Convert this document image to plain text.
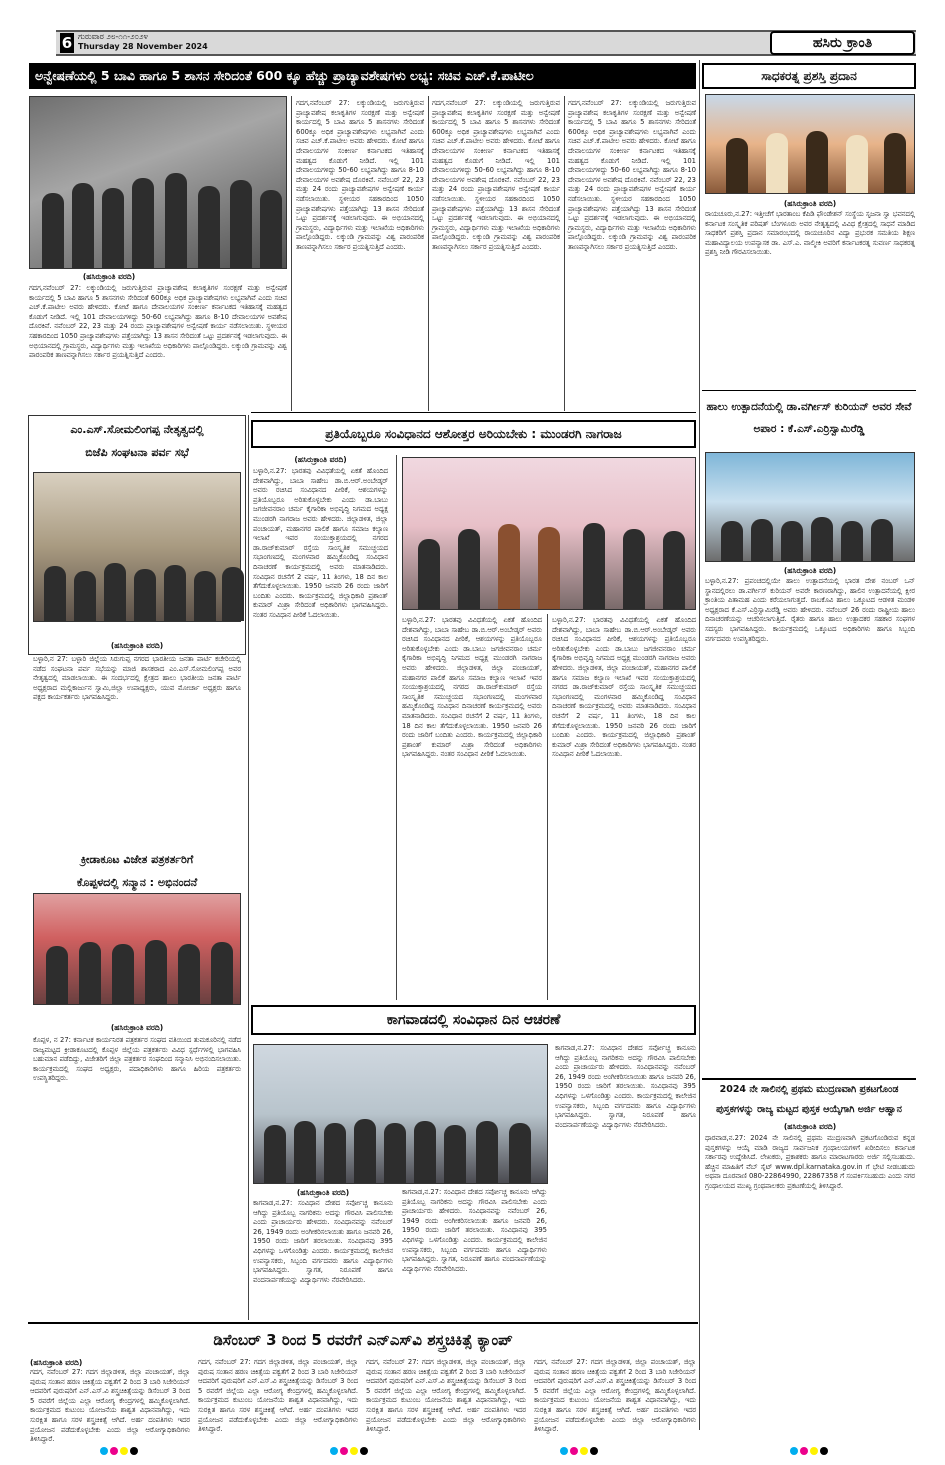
6 ಗುರುವಾರ ೨೮-೧೧-೨೦೨೪
Thursday 28 November 2024	ಹಸಿರು ಕ್ರಾಂತಿ
ಅನ್ವೇಷಣೆಯಲ್ಲಿ 5 ಬಾವಿ ಹಾಗೂ 5 ಶಾಸನ ಸೇರಿದಂತೆ 600 ಕ್ಕೂ ಹೆಚ್ಚು ಪ್ರಾಚ್ಯಾವಶೇಷಗಳು ಲಭ್ಯ: ಸಚಿವ ಎಚ್.ಕೆ.ಪಾಟೀಲ
(ಹಸಿರುಕ್ರಾಂತಿ ವರದಿ)
ಗದಗ,ನವೆಂಬರ್ 27: ಲಕ್ಕುಂಡಿಯಲ್ಲಿ ಜರುಗುತ್ತಿರುವ ಪ್ರಾಚ್ಯಾವಶೇಷ ಕಲಾಕೃತಿಗಳ ಸಂರಕ್ಷಣೆ ಮತ್ತು ಅನ್ವೇಷಣೆ ಕಾರ್ಯದಲ್ಲಿ 5 ಬಾವಿ ಹಾಗೂ 5 ಶಾಸನಗಳು ಸೇರಿದಂತೆ 600ಕ್ಕೂ ಅಧಿಕ ಪ್ರಾಚ್ಯಾವಶೇಷಗಳು ಲಭ್ಯವಾಗಿವೆ ಎಂದು ಸಚಿವ ಎಚ್.ಕೆ.ಪಾಟೀಲ ಅವರು ಹೇಳಿದರು. ಕೋಟೆ ಹಾಗೂ ದೇವಾಲಯಗಳ ಸಂಕೀರ್ಣ ಕರ್ನಾಟಕದ ಇತಿಹಾಸಕ್ಕೆ ಮಹತ್ವದ ಕೊಡುಗೆ ನೀಡಿದೆ. ಇಲ್ಲಿ 101 ದೇವಾಲಯಗಳಿದ್ದು 50-60 ಲಭ್ಯವಾಗಿದ್ದು ಹಾಗೂ 8-10 ದೇವಾಲಯಗಳ ಅವಶೇಷ ದೊರಕಿವೆ. ನವೆಂಬರ್ 22, 23 ಮತ್ತು 24 ರಂದು ಪ್ರಾಚ್ಯಾವಶೇಷಗಳ ಅನ್ವೇಷಣೆ ಕಾರ್ಯ ನಡೆಸಲಾಯಿತು. ಸ್ಥಳೀಯರ ಸಹಕಾರದಿಂದ 1050 ಪ್ರಾಚ್ಯಾವಶೇಷಗಳು ಪತ್ತೆಯಾಗಿದ್ದು 13 ಶಾಸನ ಸೇರಿದಂತೆ ಒಟ್ಟು ಪ್ರದರ್ಶನಕ್ಕೆ ಇಡಲಾಗುವುದು. ಈ ಅಭಿಯಾನದಲ್ಲಿ ಗ್ರಾಮಸ್ಥರು, ವಿದ್ಯಾರ್ಥಿಗಳು ಮತ್ತು ಇಲಾಖೆಯ ಅಧಿಕಾರಿಗಳು ಪಾಲ್ಗೊಂಡಿದ್ದರು. ಲಕ್ಕುಂಡಿ ಗ್ರಾಮವನ್ನು ವಿಶ್ವ ಪಾರಂಪರಿಕ ತಾಣವನ್ನಾಗಿಸಲು ಸರ್ಕಾರ ಪ್ರಯತ್ನಿಸುತ್ತಿದೆ ಎಂದರು.
ಗದಗ,ನವೆಂಬರ್ 27: ಲಕ್ಕುಂಡಿಯಲ್ಲಿ ಜರುಗುತ್ತಿರುವ ಪ್ರಾಚ್ಯಾವಶೇಷ ಕಲಾಕೃತಿಗಳ ಸಂರಕ್ಷಣೆ ಮತ್ತು ಅನ್ವೇಷಣೆ ಕಾರ್ಯದಲ್ಲಿ 5 ಬಾವಿ ಹಾಗೂ 5 ಶಾಸನಗಳು ಸೇರಿದಂತೆ 600ಕ್ಕೂ ಅಧಿಕ ಪ್ರಾಚ್ಯಾವಶೇಷಗಳು ಲಭ್ಯವಾಗಿವೆ ಎಂದು ಸಚಿವ ಎಚ್.ಕೆ.ಪಾಟೀಲ ಅವರು ಹೇಳಿದರು. ಕೋಟೆ ಹಾಗೂ ದೇವಾಲಯಗಳ ಸಂಕೀರ್ಣ ಕರ್ನಾಟಕದ ಇತಿಹಾಸಕ್ಕೆ ಮಹತ್ವದ ಕೊಡುಗೆ ನೀಡಿದೆ. ಇಲ್ಲಿ 101 ದೇವಾಲಯಗಳಿದ್ದು 50-60 ಲಭ್ಯವಾಗಿದ್ದು ಹಾಗೂ 8-10 ದೇವಾಲಯಗಳ ಅವಶೇಷ ದೊರಕಿವೆ. ನವೆಂಬರ್ 22, 23 ಮತ್ತು 24 ರಂದು ಪ್ರಾಚ್ಯಾವಶೇಷಗಳ ಅನ್ವೇಷಣೆ ಕಾರ್ಯ ನಡೆಸಲಾಯಿತು. ಸ್ಥಳೀಯರ ಸಹಕಾರದಿಂದ 1050 ಪ್ರಾಚ್ಯಾವಶೇಷಗಳು ಪತ್ತೆಯಾಗಿದ್ದು 13 ಶಾಸನ ಸೇರಿದಂತೆ ಒಟ್ಟು ಪ್ರದರ್ಶನಕ್ಕೆ ಇಡಲಾಗುವುದು. ಈ ಅಭಿಯಾನದಲ್ಲಿ ಗ್ರಾಮಸ್ಥರು, ವಿದ್ಯಾರ್ಥಿಗಳು ಮತ್ತು ಇಲಾಖೆಯ ಅಧಿಕಾರಿಗಳು ಪಾಲ್ಗೊಂಡಿದ್ದರು. ಲಕ್ಕುಂಡಿ ಗ್ರಾಮವನ್ನು ವಿಶ್ವ ಪಾರಂಪರಿಕ ತಾಣವನ್ನಾಗಿಸಲು ಸರ್ಕಾರ ಪ್ರಯತ್ನಿಸುತ್ತಿದೆ ಎಂದರು.
ಗದಗ,ನವೆಂಬರ್ 27: ಲಕ್ಕುಂಡಿಯಲ್ಲಿ ಜರುಗುತ್ತಿರುವ ಪ್ರಾಚ್ಯಾವಶೇಷ ಕಲಾಕೃತಿಗಳ ಸಂರಕ್ಷಣೆ ಮತ್ತು ಅನ್ವೇಷಣೆ ಕಾರ್ಯದಲ್ಲಿ 5 ಬಾವಿ ಹಾಗೂ 5 ಶಾಸನಗಳು ಸೇರಿದಂತೆ 600ಕ್ಕೂ ಅಧಿಕ ಪ್ರಾಚ್ಯಾವಶೇಷಗಳು ಲಭ್ಯವಾಗಿವೆ ಎಂದು ಸಚಿವ ಎಚ್.ಕೆ.ಪಾಟೀಲ ಅವರು ಹೇಳಿದರು. ಕೋಟೆ ಹಾಗೂ ದೇವಾಲಯಗಳ ಸಂಕೀರ್ಣ ಕರ್ನಾಟಕದ ಇತಿಹಾಸಕ್ಕೆ ಮಹತ್ವದ ಕೊಡುಗೆ ನೀಡಿದೆ. ಇಲ್ಲಿ 101 ದೇವಾಲಯಗಳಿದ್ದು 50-60 ಲಭ್ಯವಾಗಿದ್ದು ಹಾಗೂ 8-10 ದೇವಾಲಯಗಳ ಅವಶೇಷ ದೊರಕಿವೆ. ನವೆಂಬರ್ 22, 23 ಮತ್ತು 24 ರಂದು ಪ್ರಾಚ್ಯಾವಶೇಷಗಳ ಅನ್ವೇಷಣೆ ಕಾರ್ಯ ನಡೆಸಲಾಯಿತು. ಸ್ಥಳೀಯರ ಸಹಕಾರದಿಂದ 1050 ಪ್ರಾಚ್ಯಾವಶೇಷಗಳು ಪತ್ತೆಯಾಗಿದ್ದು 13 ಶಾಸನ ಸೇರಿದಂತೆ ಒಟ್ಟು ಪ್ರದರ್ಶನಕ್ಕೆ ಇಡಲಾಗುವುದು. ಈ ಅಭಿಯಾನದಲ್ಲಿ ಗ್ರಾಮಸ್ಥರು, ವಿದ್ಯಾರ್ಥಿಗಳು ಮತ್ತು ಇಲಾಖೆಯ ಅಧಿಕಾರಿಗಳು ಪಾಲ್ಗೊಂಡಿದ್ದರು. ಲಕ್ಕುಂಡಿ ಗ್ರಾಮವನ್ನು ವಿಶ್ವ ಪಾರಂಪರಿಕ ತಾಣವನ್ನಾಗಿಸಲು ಸರ್ಕಾರ ಪ್ರಯತ್ನಿಸುತ್ತಿದೆ ಎಂದರು.
ಗದಗ,ನವೆಂಬರ್ 27: ಲಕ್ಕುಂಡಿಯಲ್ಲಿ ಜರುಗುತ್ತಿರುವ ಪ್ರಾಚ್ಯಾವಶೇಷ ಕಲಾಕೃತಿಗಳ ಸಂರಕ್ಷಣೆ ಮತ್ತು ಅನ್ವೇಷಣೆ ಕಾರ್ಯದಲ್ಲಿ 5 ಬಾವಿ ಹಾಗೂ 5 ಶಾಸನಗಳು ಸೇರಿದಂತೆ 600ಕ್ಕೂ ಅಧಿಕ ಪ್ರಾಚ್ಯಾವಶೇಷಗಳು ಲಭ್ಯವಾಗಿವೆ ಎಂದು ಸಚಿವ ಎಚ್.ಕೆ.ಪಾಟೀಲ ಅವರು ಹೇಳಿದರು. ಕೋಟೆ ಹಾಗೂ ದೇವಾಲಯಗಳ ಸಂಕೀರ್ಣ ಕರ್ನಾಟಕದ ಇತಿಹಾಸಕ್ಕೆ ಮಹತ್ವದ ಕೊಡುಗೆ ನೀಡಿದೆ. ಇಲ್ಲಿ 101 ದೇವಾಲಯಗಳಿದ್ದು 50-60 ಲಭ್ಯವಾಗಿದ್ದು ಹಾಗೂ 8-10 ದೇವಾಲಯಗಳ ಅವಶೇಷ ದೊರಕಿವೆ. ನವೆಂಬರ್ 22, 23 ಮತ್ತು 24 ರಂದು ಪ್ರಾಚ್ಯಾವಶೇಷಗಳ ಅನ್ವೇಷಣೆ ಕಾರ್ಯ ನಡೆಸಲಾಯಿತು. ಸ್ಥಳೀಯರ ಸಹಕಾರದಿಂದ 1050 ಪ್ರಾಚ್ಯಾವಶೇಷಗಳು ಪತ್ತೆಯಾಗಿದ್ದು 13 ಶಾಸನ ಸೇರಿದಂತೆ ಒಟ್ಟು ಪ್ರದರ್ಶನಕ್ಕೆ ಇಡಲಾಗುವುದು. ಈ ಅಭಿಯಾನದಲ್ಲಿ ಗ್ರಾಮಸ್ಥರು, ವಿದ್ಯಾರ್ಥಿಗಳು ಮತ್ತು ಇಲಾಖೆಯ ಅಧಿಕಾರಿಗಳು ಪಾಲ್ಗೊಂಡಿದ್ದರು. ಲಕ್ಕುಂಡಿ ಗ್ರಾಮವನ್ನು ವಿಶ್ವ ಪಾರಂಪರಿಕ ತಾಣವನ್ನಾಗಿಸಲು ಸರ್ಕಾರ ಪ್ರಯತ್ನಿಸುತ್ತಿದೆ ಎಂದರು.
ಸಾಧಕರತ್ನ ಪ್ರಶಸ್ತಿ ಪ್ರದಾನ
(ಹಸಿರುಕ್ರಾಂತಿ ವರದಿ)
ರಾಯಚೂರು,ನ.27: ಇತ್ತೀಚೆಗೆ ಭಾರತಾಂಬ ಕೆಪಿಡಿ ಫೌಂಡೇಶನ್ ಸಂಸ್ಥೆಯ ಸೃಜನಾ ಸ್ವಾ ಭವನದಲ್ಲಿ ಕರ್ನಾಟಕ ಸಂಸ್ಕೃತಿಕ ಪರಿಷತ್ ಬೆಂಗಳೂರು ಅವರ ನೇತೃತ್ವದಲ್ಲಿ ವಿವಿಧ ಕ್ಷೇತ್ರದಲ್ಲಿ ಸಾಧನೆ ಮಾಡಿದ ಸಾಧಕರಿಗೆ ಪ್ರಶಸ್ತಿ ಪ್ರದಾನ ಸಮಾರಂಭದಲ್ಲಿ ರಾಯಚೂರಿನ ವಿದ್ಯಾ ಪ್ರಭುರಕ ಸಮತಿಯ ಶಿಕ್ಷಣ ಮಹಾವಿದ್ಯಾಲಯ ಉಪನ್ಯಾಸಕ ಡಾ. ಎಸ್.ಎ. ವಾಲ್ಮೀಕಿ ಅವರಿಗೆ ಕರ್ನಾಟಕರತ್ನ ಸುವರ್ಣ ಸಾಧಕರತ್ನ ಪ್ರಶಸ್ತಿ ನೀಡಿ ಗೌರವಿಸಲಾಯಿತು.
ಹಾಲು ಉತ್ಪಾದನೆಯಲ್ಲಿ ಡಾ.ವರ್ಗೀಸ್ ಕುರಿಯನ್ ಅವರ ಸೇವೆ ಅಪಾರ : ಕೆ.ಎಸ್.ಎರ್ರಿಸ್ವಾಮಿರೆಡ್ಡಿ
(ಹಸಿರುಕ್ರಾಂತಿ ವರದಿ)
ಬಳ್ಳಾರಿ,ನ.27: ಪ್ರಪಂಚದಲ್ಲಿಯೇ ಹಾಲು ಉತ್ಪಾದನೆಯಲ್ಲಿ ಭಾರತ ದೇಶ ನಂಬರ್ ಒನ್ ಸ್ಥಾನದಲ್ಲಿರಲು ಡಾ.ವರ್ಗೀಸ್ ಕುರಿಯನ್ ಅವರೇ ಕಾರಣರಾಗಿದ್ದು, ಹಾಲಿನ ಉತ್ಪಾದನೆಯಲ್ಲಿ ಕ್ಷೀರ ಕ್ರಾಂತಿಯ ಪಿತಾಮಹ ಎಂದು ಕರೆಯಲಾಗುತ್ತದೆ. ರಾಬಕೊವಿ ಹಾಲು ಒಕ್ಕೂಟದ ಆಡಳಿತ ಮಂಡಳಿ ಅಧ್ಯಕ್ಷರಾದ ಕೆ.ಎಸ್.ಎರ್ರಿಸ್ವಾಮಿರೆಡ್ಡಿ ಅವರು ಹೇಳಿದರು. ನವೆಂಬರ್ 26 ರಂದು ರಾಷ್ಟ್ರೀಯ ಹಾಲು ದಿನಾಚರಣೆಯನ್ನು ಆಚರಿಸಲಾಗುತ್ತಿದೆ. ರೈತರು ಹಾಗೂ ಹಾಲು ಉತ್ಪಾದಕರ ಸಹಕಾರ ಸಂಘಗಳ ಸದಸ್ಯರು ಭಾಗವಹಿಸಿದ್ದರು. ಕಾರ್ಯಕ್ರಮದಲ್ಲಿ ಒಕ್ಕೂಟದ ಅಧಿಕಾರಿಗಳು ಹಾಗೂ ಸಿಬ್ಬಂದಿ ವರ್ಗದವರು ಉಪಸ್ಥಿತರಿದ್ದರು.
2024 ನೇ ಸಾಲಿನಲ್ಲಿ ಪ್ರಥಮ ಮುದ್ರಣವಾಗಿ ಪ್ರಕಟಗೊಂಡ
ಪುಸ್ತಕಗಳನ್ನು ರಾಜ್ಯ ಮಟ್ಟದ ಪುಸ್ತಕ ಆಯ್ಕೆಗಾಗಿ ಅರ್ಜಿ ಆಹ್ವಾನ
(ಹಸಿರುಕ್ರಾಂತಿ ವರದಿ)
ಧಾರವಾಡ,ನ.27: 2024 ನೇ ಸಾಲಿನಲ್ಲಿ ಪ್ರಥಮ ಮುದ್ರಣವಾಗಿ ಪ್ರಕಟಗೊಂಡಿರುವ ಕನ್ನಡ ಪುಸ್ತಕಗಳನ್ನು ಆಯ್ಕೆ ಮಾಡಿ ರಾಜ್ಯದ ಸಾರ್ವಜನಿಕ ಗ್ರಂಥಾಲಯಗಳಿಗೆ ಖರೀದಿಸಲು ಕರ್ನಾಟಕ ಸರ್ಕಾರವು ಉದ್ದೇಶಿಸಿದೆ. ಲೇಖಕರು, ಪ್ರಕಾಶಕರು ಹಾಗೂ ಮಾರಾಟಗಾರರು ಅರ್ಜಿ ಸಲ್ಲಿಸಬಹುದು. ಹೆಚ್ಚಿನ ಮಾಹಿತಿಗೆ ವೆಬ್ ಸೈಟ್ www.dpl.karnataka.gov.in ಗೆ ಭೇಟಿ ನೀಡಬಹುದು ಅಥವಾ ದೂರವಾಣಿ 080-22864990, 22867358 ಗೆ ಸಂಪರ್ಕಿಸಬಹುದು ಎಂದು ನಗರ ಗ್ರಂಥಾಲಯದ ಮುಖ್ಯ ಗ್ರಂಥಪಾಲಕರು ಪ್ರಕಟಣೆಯಲ್ಲಿ ತಿಳಿಸಿದ್ದಾರೆ.
ಎಂ.ಎಸ್.ಸೋಮಲಿಂಗಪ್ಪ ನೇತೃತ್ವದಲ್ಲಿ
ಬಿಜೆಪಿ ಸಂಘಟನಾ ಪರ್ವ ಸಭೆ
(ಹಸಿರುಕ್ರಾಂತಿ ವರದಿ)
ಬಳ್ಳಾರಿ,ನ 27: ಬಳ್ಳಾರಿ ಜಿಲ್ಲೆಯ ಸಿರುಗುಪ್ಪ ನಗರದ ಭಾರತೀಯ ಜನತಾ ಪಾರ್ಟಿ ಕಚೇರಿಯಲ್ಲಿ ನಡೆದ ಸಂಘಟನಾ ಪರ್ವ ಸಭೆಯನ್ನು ಮಾಜಿ ಶಾಸಕರಾದ ಎಂ.ಎಸ್.ಸೋಮಲಿಂಗಪ್ಪ ಅವರ ನೇತೃತ್ವದಲ್ಲಿ ಮಾಡಲಾಯಿತು. ಈ ಸಂದರ್ಭದಲ್ಲಿ ಕ್ಷೇತ್ರದ ಹಾಲು ಭಾರತೀಯ ಜನತಾ ಪಾರ್ಟಿ ಅಧ್ಯಕ್ಷರಾದ ಮಲ್ಲಿಕಾರ್ಜುನ ಸ್ವಾಮಿ,ಜಿಲ್ಲಾ ಉಪಾಧ್ಯಕ್ಷರು, ಯುವ ಮೋರ್ಚಾ ಅಧ್ಯಕ್ಷರು ಹಾಗೂ ಪಕ್ಷದ ಕಾರ್ಯಕರ್ತರು ಭಾಗವಹಿಸಿದ್ದರು.
ಕ್ರೀಡಾಕೂಟ ವಿಜೇತ ಪತ್ರಕರ್ತರಿಗೆ
ಕೊಪ್ಪಳದಲ್ಲಿ ಸನ್ಮಾನ : ಅಭಿನಂದನೆ
(ಹಸಿರುಕ್ರಾಂತಿ ವರದಿ)
ಕೊಪ್ಪಳ, ನ 27: ಕರ್ನಾಟಕ ಕಾರ್ಯನಿರತ ಪತ್ರಕರ್ತರ ಸಂಘದ ವತಿಯಿಂದ ತುಮಕೂರಿನಲ್ಲಿ ನಡೆದ ರಾಜ್ಯಮಟ್ಟದ ಕ್ರೀಡಾಕೂಟದಲ್ಲಿ ಕೊಪ್ಪಳ ಜಿಲ್ಲೆಯ ಪತ್ರಕರ್ತರು ವಿವಿಧ ಸ್ಪರ್ಧೆಗಳಲ್ಲಿ ಭಾಗವಹಿಸಿ ಬಹುಮಾನ ಪಡೆದಿದ್ದು, ವಿಜೇತರಿಗೆ ಜಿಲ್ಲಾ ಪತ್ರಕರ್ತರ ಸಂಘದಿಂದ ಸನ್ಮಾನಿಸಿ ಅಭಿನಂದಿಸಲಾಯಿತು. ಕಾರ್ಯಕ್ರಮದಲ್ಲಿ ಸಂಘದ ಅಧ್ಯಕ್ಷರು, ಪದಾಧಿಕಾರಿಗಳು ಹಾಗೂ ಹಿರಿಯ ಪತ್ರಕರ್ತರು ಉಪಸ್ಥಿತರಿದ್ದರು.
ಪ್ರತಿಯೊಬ್ಬರೂ ಸಂವಿಧಾನದ ಆಶೋತ್ತರ ಅರಿಯಬೇಕು : ಮುಂಡರಗಿ ನಾಗರಾಜ
(ಹಸಿರುಕ್ರಾಂತಿ ವರದಿ)
ಬಳ್ಳಾರಿ,ನ.27: ಭಾರತವು ವಿವಿಧತೆಯಲ್ಲಿ ಏಕತೆ ಹೊಂದಿದ ದೇಶವಾಗಿದ್ದು, ಬಾಬಾ ಸಾಹೇಬ ಡಾ.ಬಿ.ಆರ್.ಅಂಬೇಡ್ಕರ್ ಅವರು ರಚಿಸಿದ ಸಂವಿಧಾನದ ಪೀಠಿಕೆ, ಆಶಯಗಳನ್ನು ಪ್ರತಿಯೊಬ್ಬರೂ ಅರಿತುಕೊಳ್ಳಬೇಕು ಎಂದು ಡಾ.ಬಾಬು ಜಗಜೀವನರಾಂ ಚರ್ಮ ಕೈಗಾರಿಕಾ ಅಭಿವೃದ್ಧಿ ನಿಗಮದ ಅಧ್ಯಕ್ಷ ಮುಂಡರಗಿ ನಾಗರಾಜ ಅವರು ಹೇಳಿದರು. ಜಿಲ್ಲಾಡಳಿತ, ಜಿಲ್ಲಾ ಪಂಚಾಯತ್, ಮಹಾನಗರ ಪಾಲಿಕೆ ಹಾಗೂ ಸಮಾಜ ಕಲ್ಯಾಣ ಇಲಾಖೆ ಇವರ ಸಂಯುಕ್ತಾಶ್ರಯದಲ್ಲಿ ನಗರದ ಡಾ.ರಾಜ್‌ಕುಮಾರ್ ರಸ್ತೆಯ ಸಾಂಸ್ಕೃತಿಕ ಸಮುಚ್ಚಯದ ಸಭಾಂಗಣದಲ್ಲಿ ಮಂಗಳವಾರ ಹಮ್ಮಿಕೊಂಡಿದ್ದ ಸಂವಿಧಾನ ದಿನಾಚರಣೆ ಕಾರ್ಯಕ್ರಮದಲ್ಲಿ ಅವರು ಮಾತನಾಡಿದರು. ಸಂವಿಧಾನ ರಚನೆಗೆ 2 ವರ್ಷ, 11 ತಿಂಗಳು, 18 ದಿನ ಕಾಲ ತೆಗೆದುಕೊಳ್ಳಲಾಯಿತು. 1950 ಜನವರಿ 26 ರಂದು ಜಾರಿಗೆ ಬಂದಿತು ಎಂದರು. ಕಾರ್ಯಕ್ರಮದಲ್ಲಿ ಜಿಲ್ಲಾಧಿಕಾರಿ ಪ್ರಶಾಂತ್ ಕುಮಾರ್ ಮಿಶ್ರಾ ಸೇರಿದಂತೆ ಅಧಿಕಾರಿಗಳು ಭಾಗವಹಿಸಿದ್ದರು. ನಂತರ ಸಂವಿಧಾನ ಪೀಠಿಕೆ ಓದಲಾಯಿತು.
ಬಳ್ಳಾರಿ,ನ.27: ಭಾರತವು ವಿವಿಧತೆಯಲ್ಲಿ ಏಕತೆ ಹೊಂದಿದ ದೇಶವಾಗಿದ್ದು, ಬಾಬಾ ಸಾಹೇಬ ಡಾ.ಬಿ.ಆರ್.ಅಂಬೇಡ್ಕರ್ ಅವರು ರಚಿಸಿದ ಸಂವಿಧಾನದ ಪೀಠಿಕೆ, ಆಶಯಗಳನ್ನು ಪ್ರತಿಯೊಬ್ಬರೂ ಅರಿತುಕೊಳ್ಳಬೇಕು ಎಂದು ಡಾ.ಬಾಬು ಜಗಜೀವನರಾಂ ಚರ್ಮ ಕೈಗಾರಿಕಾ ಅಭಿವೃದ್ಧಿ ನಿಗಮದ ಅಧ್ಯಕ್ಷ ಮುಂಡರಗಿ ನಾಗರಾಜ ಅವರು ಹೇಳಿದರು. ಜಿಲ್ಲಾಡಳಿತ, ಜಿಲ್ಲಾ ಪಂಚಾಯತ್, ಮಹಾನಗರ ಪಾಲಿಕೆ ಹಾಗೂ ಸಮಾಜ ಕಲ್ಯಾಣ ಇಲಾಖೆ ಇವರ ಸಂಯುಕ್ತಾಶ್ರಯದಲ್ಲಿ ನಗರದ ಡಾ.ರಾಜ್‌ಕುಮಾರ್ ರಸ್ತೆಯ ಸಾಂಸ್ಕೃತಿಕ ಸಮುಚ್ಚಯದ ಸಭಾಂಗಣದಲ್ಲಿ ಮಂಗಳವಾರ ಹಮ್ಮಿಕೊಂಡಿದ್ದ ಸಂವಿಧಾನ ದಿನಾಚರಣೆ ಕಾರ್ಯಕ್ರಮದಲ್ಲಿ ಅವರು ಮಾತನಾಡಿದರು. ಸಂವಿಧಾನ ರಚನೆಗೆ 2 ವರ್ಷ, 11 ತಿಂಗಳು, 18 ದಿನ ಕಾಲ ತೆಗೆದುಕೊಳ್ಳಲಾಯಿತು. 1950 ಜನವರಿ 26 ರಂದು ಜಾರಿಗೆ ಬಂದಿತು ಎಂದರು. ಕಾರ್ಯಕ್ರಮದಲ್ಲಿ ಜಿಲ್ಲಾಧಿಕಾರಿ ಪ್ರಶಾಂತ್ ಕುಮಾರ್ ಮಿಶ್ರಾ ಸೇರಿದಂತೆ ಅಧಿಕಾರಿಗಳು ಭಾಗವಹಿಸಿದ್ದರು. ನಂತರ ಸಂವಿಧಾನ ಪೀಠಿಕೆ ಓದಲಾಯಿತು.
ಬಳ್ಳಾರಿ,ನ.27: ಭಾರತವು ವಿವಿಧತೆಯಲ್ಲಿ ಏಕತೆ ಹೊಂದಿದ ದೇಶವಾಗಿದ್ದು, ಬಾಬಾ ಸಾಹೇಬ ಡಾ.ಬಿ.ಆರ್.ಅಂಬೇಡ್ಕರ್ ಅವರು ರಚಿಸಿದ ಸಂವಿಧಾನದ ಪೀಠಿಕೆ, ಆಶಯಗಳನ್ನು ಪ್ರತಿಯೊಬ್ಬರೂ ಅರಿತುಕೊಳ್ಳಬೇಕು ಎಂದು ಡಾ.ಬಾಬು ಜಗಜೀವನರಾಂ ಚರ್ಮ ಕೈಗಾರಿಕಾ ಅಭಿವೃದ್ಧಿ ನಿಗಮದ ಅಧ್ಯಕ್ಷ ಮುಂಡರಗಿ ನಾಗರಾಜ ಅವರು ಹೇಳಿದರು. ಜಿಲ್ಲಾಡಳಿತ, ಜಿಲ್ಲಾ ಪಂಚಾಯತ್, ಮಹಾನಗರ ಪಾಲಿಕೆ ಹಾಗೂ ಸಮಾಜ ಕಲ್ಯಾಣ ಇಲಾಖೆ ಇವರ ಸಂಯುಕ್ತಾಶ್ರಯದಲ್ಲಿ ನಗರದ ಡಾ.ರಾಜ್‌ಕುಮಾರ್ ರಸ್ತೆಯ ಸಾಂಸ್ಕೃತಿಕ ಸಮುಚ್ಚಯದ ಸಭಾಂಗಣದಲ್ಲಿ ಮಂಗಳವಾರ ಹಮ್ಮಿಕೊಂಡಿದ್ದ ಸಂವಿಧಾನ ದಿನಾಚರಣೆ ಕಾರ್ಯಕ್ರಮದಲ್ಲಿ ಅವರು ಮಾತನಾಡಿದರು. ಸಂವಿಧಾನ ರಚನೆಗೆ 2 ವರ್ಷ, 11 ತಿಂಗಳು, 18 ದಿನ ಕಾಲ ತೆಗೆದುಕೊಳ್ಳಲಾಯಿತು. 1950 ಜನವರಿ 26 ರಂದು ಜಾರಿಗೆ ಬಂದಿತು ಎಂದರು. ಕಾರ್ಯಕ್ರಮದಲ್ಲಿ ಜಿಲ್ಲಾಧಿಕಾರಿ ಪ್ರಶಾಂತ್ ಕುಮಾರ್ ಮಿಶ್ರಾ ಸೇರಿದಂತೆ ಅಧಿಕಾರಿಗಳು ಭಾಗವಹಿಸಿದ್ದರು. ನಂತರ ಸಂವಿಧಾನ ಪೀಠಿಕೆ ಓದಲಾಯಿತು.
ಕಾಗವಾಡದಲ್ಲಿ ಸಂವಿಧಾನ ದಿನ ಆಚರಣೆ
ಕಾಗವಾಡ,ನ.27: ಸಂವಿಧಾನ ದೇಶದ ಸರ್ವೋಚ್ಚ ಕಾನೂನು ಆಗಿದ್ದು ಪ್ರತಿಯೊಬ್ಬ ನಾಗರಿಕನು ಅದನ್ನು ಗೌರವಿಸಿ ಪಾಲಿಸಬೇಕು ಎಂದು ಪ್ರಾಚಾರ್ಯರು ಹೇಳಿದರು. ಸಂವಿಧಾನವನ್ನು ನವೆಂಬರ್ 26, 1949 ರಂದು ಅಂಗೀಕರಿಸಲಾಯಿತು ಹಾಗೂ ಜನವರಿ 26, 1950 ರಂದು ಜಾರಿಗೆ ತರಲಾಯಿತು. ಸಂವಿಧಾನವು 395 ವಿಧಿಗಳನ್ನು ಒಳಗೊಂಡಿತ್ತು ಎಂದರು. ಕಾರ್ಯಕ್ರಮದಲ್ಲಿ ಕಾಲೇಜಿನ ಉಪನ್ಯಾಸಕರು, ಸಿಬ್ಬಂದಿ ವರ್ಗದವರು ಹಾಗೂ ವಿದ್ಯಾರ್ಥಿಗಳು ಭಾಗವಹಿಸಿದ್ದರು. ಸ್ವಾಗತ, ನಿರೂಪಣೆ ಹಾಗೂ ವಂದನಾರ್ಪಣೆಯನ್ನು ವಿದ್ಯಾರ್ಥಿಗಳು ನೆರವೇರಿಸಿದರು.
(ಹಸಿರುಕ್ರಾಂತಿ ವರದಿ)
ಕಾಗವಾಡ,ನ.27: ಸಂವಿಧಾನ ದೇಶದ ಸರ್ವೋಚ್ಚ ಕಾನೂನು ಆಗಿದ್ದು ಪ್ರತಿಯೊಬ್ಬ ನಾಗರಿಕನು ಅದನ್ನು ಗೌರವಿಸಿ ಪಾಲಿಸಬೇಕು ಎಂದು ಪ್ರಾಚಾರ್ಯರು ಹೇಳಿದರು. ಸಂವಿಧಾನವನ್ನು ನವೆಂಬರ್ 26, 1949 ರಂದು ಅಂಗೀಕರಿಸಲಾಯಿತು ಹಾಗೂ ಜನವರಿ 26, 1950 ರಂದು ಜಾರಿಗೆ ತರಲಾಯಿತು. ಸಂವಿಧಾನವು 395 ವಿಧಿಗಳನ್ನು ಒಳಗೊಂಡಿತ್ತು ಎಂದರು. ಕಾರ್ಯಕ್ರಮದಲ್ಲಿ ಕಾಲೇಜಿನ ಉಪನ್ಯಾಸಕರು, ಸಿಬ್ಬಂದಿ ವರ್ಗದವರು ಹಾಗೂ ವಿದ್ಯಾರ್ಥಿಗಳು ಭಾಗವಹಿಸಿದ್ದರು. ಸ್ವಾಗತ, ನಿರೂಪಣೆ ಹಾಗೂ ವಂದನಾರ್ಪಣೆಯನ್ನು ವಿದ್ಯಾರ್ಥಿಗಳು ನೆರವೇರಿಸಿದರು.
ಕಾಗವಾಡ,ನ.27: ಸಂವಿಧಾನ ದೇಶದ ಸರ್ವೋಚ್ಚ ಕಾನೂನು ಆಗಿದ್ದು ಪ್ರತಿಯೊಬ್ಬ ನಾಗರಿಕನು ಅದನ್ನು ಗೌರವಿಸಿ ಪಾಲಿಸಬೇಕು ಎಂದು ಪ್ರಾಚಾರ್ಯರು ಹೇಳಿದರು. ಸಂವಿಧಾನವನ್ನು ನವೆಂಬರ್ 26, 1949 ರಂದು ಅಂಗೀಕರಿಸಲಾಯಿತು ಹಾಗೂ ಜನವರಿ 26, 1950 ರಂದು ಜಾರಿಗೆ ತರಲಾಯಿತು. ಸಂವಿಧಾನವು 395 ವಿಧಿಗಳನ್ನು ಒಳಗೊಂಡಿತ್ತು ಎಂದರು. ಕಾರ್ಯಕ್ರಮದಲ್ಲಿ ಕಾಲೇಜಿನ ಉಪನ್ಯಾಸಕರು, ಸಿಬ್ಬಂದಿ ವರ್ಗದವರು ಹಾಗೂ ವಿದ್ಯಾರ್ಥಿಗಳು ಭಾಗವಹಿಸಿದ್ದರು. ಸ್ವಾಗತ, ನಿರೂಪಣೆ ಹಾಗೂ ವಂದನಾರ್ಪಣೆಯನ್ನು ವಿದ್ಯಾರ್ಥಿಗಳು ನೆರವೇರಿಸಿದರು.
ಡಿಸೆಂಬರ್ 3 ರಿಂದ 5 ರವರೆಗೆ ಎನ್‌ಎಸ್‌ವಿ ಶಸ್ತ್ರಚಿಕಿತ್ಸೆ ಕ್ಯಾಂಪ್
(ಹಸಿರುಕ್ರಾಂತಿ ವರದಿ)
ಗದಗ, ನವೆಂಬರ್ 27: ಗದಗ ಜಿಲ್ಲಾಡಳಿತ, ಜಿಲ್ಲಾ ಪಂಚಾಯತ್, ಜಿಲ್ಲಾ ಪುರುಷ ಸಂತಾನ ಹರಣ ಚಿಕಿತ್ಸೆಯ ಪಕ್ವತೆಗೆ 2 ರಿಂದ 3 ಬಾರಿ ಸಿಜೇರಿಯನ್ ಆದವರಿಗೆ ಪುರುಷರಿಗೆ ಎನ್.ಎಸ್.ವಿ ಶಸ್ತ್ರಚಿಕಿತ್ಸೆಯನ್ನು ಡಿಸೆಂಬರ್ 3 ರಿಂದ 5 ರವರೆಗೆ ಜಿಲ್ಲೆಯ ಎಲ್ಲಾ ಆರೋಗ್ಯ ಕೇಂದ್ರಗಳಲ್ಲಿ ಹಮ್ಮಿಕೊಳ್ಳಲಾಗಿದೆ. ಕಾರ್ಯಕ್ರಮದ ಕುಟುಂಬ ಯೋಜನೆಯ ಶಾಶ್ವತ ವಿಧಾನವಾಗಿದ್ದು, ಇದು ಸುರಕ್ಷಿತ ಹಾಗೂ ಸರಳ ಶಸ್ತ್ರಚಿಕಿತ್ಸೆ ಆಗಿದೆ. ಅರ್ಹ ದಂಪತಿಗಳು ಇದರ ಪ್ರಯೋಜನ ಪಡೆದುಕೊಳ್ಳಬೇಕು ಎಂದು ಜಿಲ್ಲಾ ಆರೋಗ್ಯಾಧಿಕಾರಿಗಳು ತಿಳಿಸಿದ್ದಾರೆ.
ಗದಗ, ನವೆಂಬರ್ 27: ಗದಗ ಜಿಲ್ಲಾಡಳಿತ, ಜಿಲ್ಲಾ ಪಂಚಾಯತ್, ಜಿಲ್ಲಾ ಪುರುಷ ಸಂತಾನ ಹರಣ ಚಿಕಿತ್ಸೆಯ ಪಕ್ವತೆಗೆ 2 ರಿಂದ 3 ಬಾರಿ ಸಿಜೇರಿಯನ್ ಆದವರಿಗೆ ಪುರುಷರಿಗೆ ಎನ್.ಎಸ್.ವಿ ಶಸ್ತ್ರಚಿಕಿತ್ಸೆಯನ್ನು ಡಿಸೆಂಬರ್ 3 ರಿಂದ 5 ರವರೆಗೆ ಜಿಲ್ಲೆಯ ಎಲ್ಲಾ ಆರೋಗ್ಯ ಕೇಂದ್ರಗಳಲ್ಲಿ ಹಮ್ಮಿಕೊಳ್ಳಲಾಗಿದೆ. ಕಾರ್ಯಕ್ರಮದ ಕುಟುಂಬ ಯೋಜನೆಯ ಶಾಶ್ವತ ವಿಧಾನವಾಗಿದ್ದು, ಇದು ಸುರಕ್ಷಿತ ಹಾಗೂ ಸರಳ ಶಸ್ತ್ರಚಿಕಿತ್ಸೆ ಆಗಿದೆ. ಅರ್ಹ ದಂಪತಿಗಳು ಇದರ ಪ್ರಯೋಜನ ಪಡೆದುಕೊಳ್ಳಬೇಕು ಎಂದು ಜಿಲ್ಲಾ ಆರೋಗ್ಯಾಧಿಕಾರಿಗಳು ತಿಳಿಸಿದ್ದಾರೆ.
ಗದಗ, ನವೆಂಬರ್ 27: ಗದಗ ಜಿಲ್ಲಾಡಳಿತ, ಜಿಲ್ಲಾ ಪಂಚಾಯತ್, ಜಿಲ್ಲಾ ಪುರುಷ ಸಂತಾನ ಹರಣ ಚಿಕಿತ್ಸೆಯ ಪಕ್ವತೆಗೆ 2 ರಿಂದ 3 ಬಾರಿ ಸಿಜೇರಿಯನ್ ಆದವರಿಗೆ ಪುರುಷರಿಗೆ ಎನ್.ಎಸ್.ವಿ ಶಸ್ತ್ರಚಿಕಿತ್ಸೆಯನ್ನು ಡಿಸೆಂಬರ್ 3 ರಿಂದ 5 ರವರೆಗೆ ಜಿಲ್ಲೆಯ ಎಲ್ಲಾ ಆರೋಗ್ಯ ಕೇಂದ್ರಗಳಲ್ಲಿ ಹಮ್ಮಿಕೊಳ್ಳಲಾಗಿದೆ. ಕಾರ್ಯಕ್ರಮದ ಕುಟುಂಬ ಯೋಜನೆಯ ಶಾಶ್ವತ ವಿಧಾನವಾಗಿದ್ದು, ಇದು ಸುರಕ್ಷಿತ ಹಾಗೂ ಸರಳ ಶಸ್ತ್ರಚಿಕಿತ್ಸೆ ಆಗಿದೆ. ಅರ್ಹ ದಂಪತಿಗಳು ಇದರ ಪ್ರಯೋಜನ ಪಡೆದುಕೊಳ್ಳಬೇಕು ಎಂದು ಜಿಲ್ಲಾ ಆರೋಗ್ಯಾಧಿಕಾರಿಗಳು ತಿಳಿಸಿದ್ದಾರೆ.
ಗದಗ, ನವೆಂಬರ್ 27: ಗದಗ ಜಿಲ್ಲಾಡಳಿತ, ಜಿಲ್ಲಾ ಪಂಚಾಯತ್, ಜಿಲ್ಲಾ ಪುರುಷ ಸಂತಾನ ಹರಣ ಚಿಕಿತ್ಸೆಯ ಪಕ್ವತೆಗೆ 2 ರಿಂದ 3 ಬಾರಿ ಸಿಜೇರಿಯನ್ ಆದವರಿಗೆ ಪುರುಷರಿಗೆ ಎನ್.ಎಸ್.ವಿ ಶಸ್ತ್ರಚಿಕಿತ್ಸೆಯನ್ನು ಡಿಸೆಂಬರ್ 3 ರಿಂದ 5 ರವರೆಗೆ ಜಿಲ್ಲೆಯ ಎಲ್ಲಾ ಆರೋಗ್ಯ ಕೇಂದ್ರಗಳಲ್ಲಿ ಹಮ್ಮಿಕೊಳ್ಳಲಾಗಿದೆ. ಕಾರ್ಯಕ್ರಮದ ಕುಟುಂಬ ಯೋಜನೆಯ ಶಾಶ್ವತ ವಿಧಾನವಾಗಿದ್ದು, ಇದು ಸುರಕ್ಷಿತ ಹಾಗೂ ಸರಳ ಶಸ್ತ್ರಚಿಕಿತ್ಸೆ ಆಗಿದೆ. ಅರ್ಹ ದಂಪತಿಗಳು ಇದರ ಪ್ರಯೋಜನ ಪಡೆದುಕೊಳ್ಳಬೇಕು ಎಂದು ಜಿಲ್ಲಾ ಆರೋಗ್ಯಾಧಿಕಾರಿಗಳು ತಿಳಿಸಿದ್ದಾರೆ.
